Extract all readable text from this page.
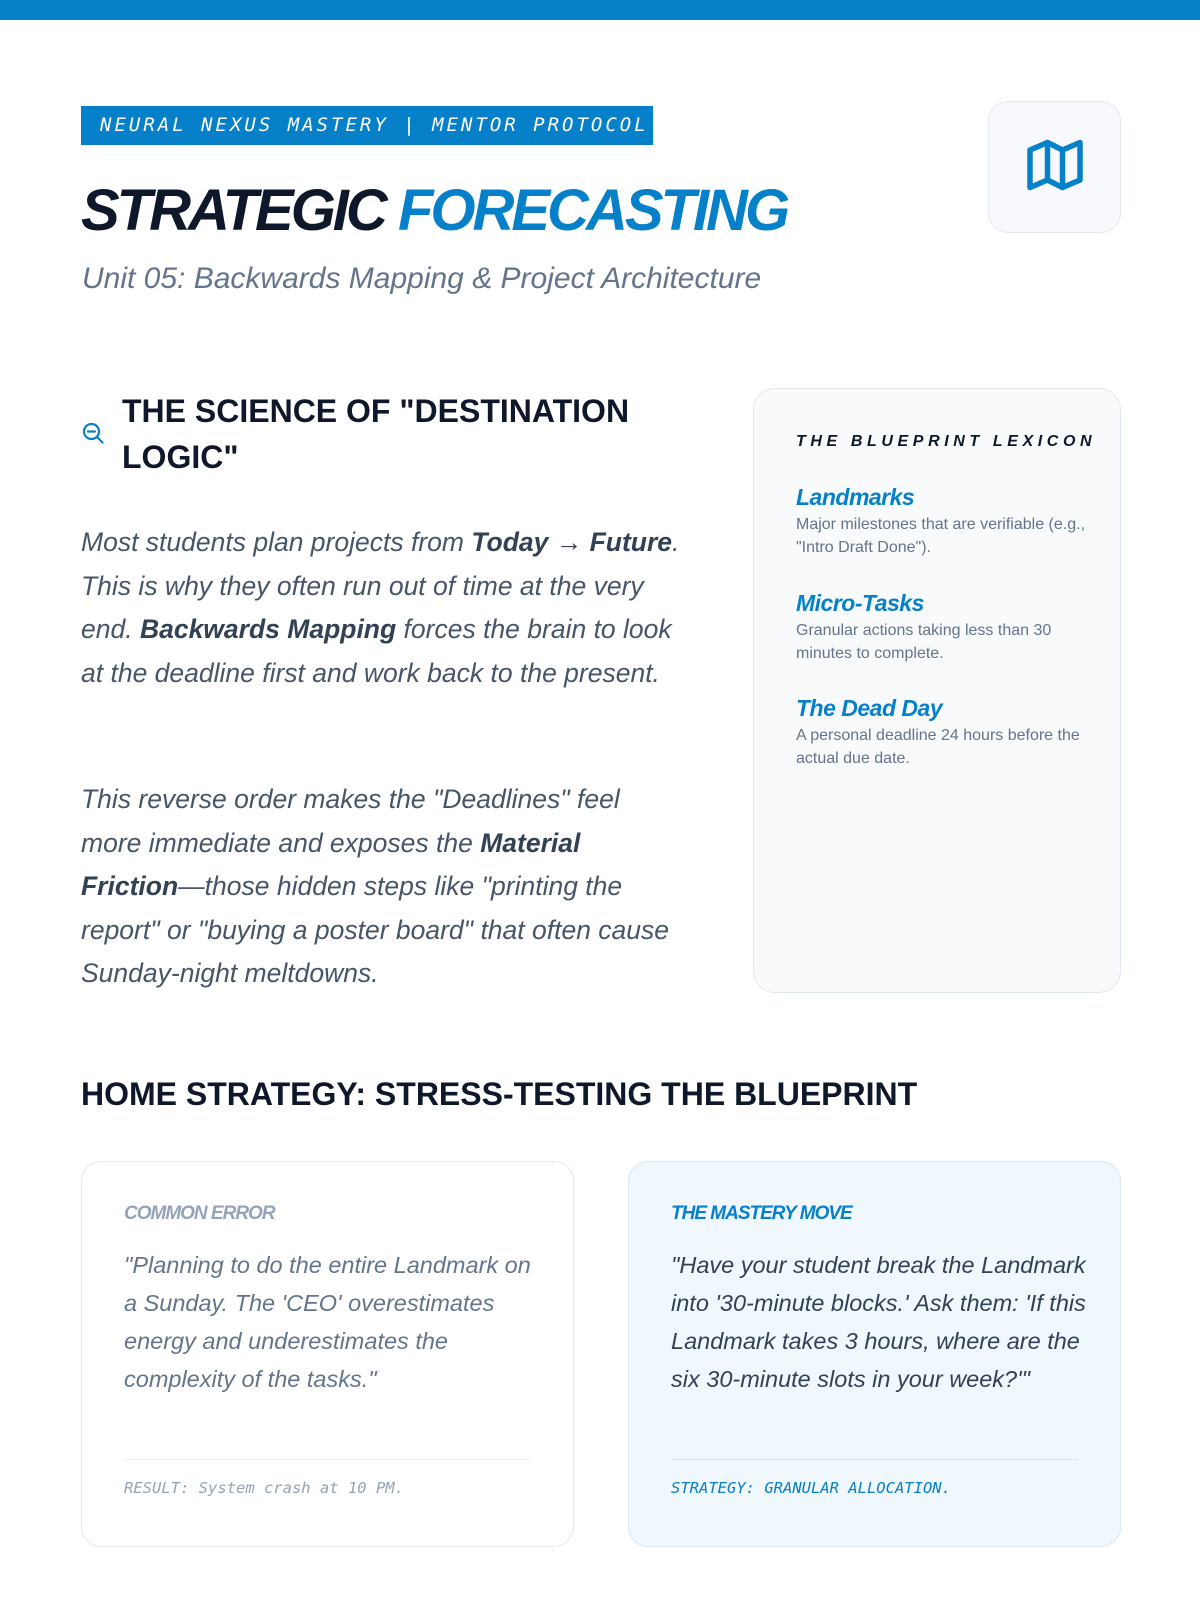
NEURAL NEXUS MASTERY | MENTOR PROTOCOL
STRATEGIC FORECASTING
Unit 05: Backwards Mapping & Project Architecture
THE SCIENCE OF "DESTINATION LOGIC"

Most students plan projects from Today → Future. This is why they often run out of time at the very end. Backwards Mapping forces the brain to look at the deadline first and work back to the present.

This reverse order makes the "Deadlines" feel more immediate and exposes the Material Friction—those hidden steps like "printing the report" or "buying a poster board" that often cause Sunday-night meltdowns.

THE BLUEPRINT LEXICON
Landmarks
Major milestones that are verifiable (e.g., "Intro Draft Done").
Micro-Tasks
Granular actions taking less than 30 minutes to complete.
The Dead Day
A personal deadline 24 hours before the actual due date.
HOME STRATEGY: STRESS-TESTING THE BLUEPRINT
COMMON ERROR
"Planning to do the entire Landmark on a Sunday. The 'CEO' overestimates energy and underestimates the complexity of the tasks."
RESULT: System crash at 10 PM.
THE MASTERY MOVE
"Have your student break the Landmark into '30-minute blocks.' Ask them: 'If this Landmark takes 3 hours, where are the six 30-minute slots in your week?'"
STRATEGY: GRANULAR ALLOCATION.
